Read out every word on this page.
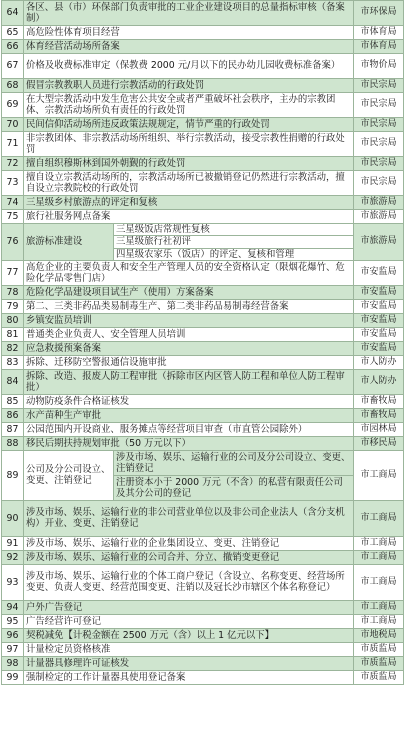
64	各区、县（市）环保部门负责审批的工业企业建设项目的总量指标审核（备案制）		市环保局
65	高危险性体育项目经营		市体育局
66	体育经营活动场所备案		市体育局
67	价格及收费标准审定（保教费 2000 元/月以下的民办幼儿园收费标准备案）		市物价局
68	假冒宗教教职人员进行宗教活动的行政处罚		市民宗局
69	在大型宗教活动中发生危害公共安全或者严重破坏社会秩序，主办的宗教团体、宗教活动场所负有责任的行政处罚		市民宗局
70	民间信仰活动场所违反政策法规规定，情节严重的行政处罚		市民宗局
71	非宗教团体、非宗教活动场所组织、举行宗教活动，接受宗教性捐赠的行政处罚		市民宗局
72	擅自组织穆斯林到国外朝觐的行政处罚		市民宗局
73	擅自设立宗教活动场所的，宗教活动场所已被撤销登记仍然进行宗教活动，擅自设立宗教院校的行政处罚		市民宗局
74	三星级乡村旅游点的评定和复核		市旅游局
75	旅行社服务网点备案		市旅游局
76	旅游标准建设	三星级饭店常规性复核	市旅游局
		三星级旅行社初评	
		四星级农家乐（饭店）的评定、复核和管理	
77	高危企业的主要负责人和安全生产管理人员的安全资格认定（限烟花爆竹、危险化学品零售门店）		市安监局
78	危险化学品建设项目试生产（使用）方案备案		市安监局
79	第二、三类非药品类易制毒生产、第二类非药品易制毒经营备案		市安监局
80	乡镇安监员培训		市安监局
81	普通类企业负责人、安全管理人员培训		市安监局
82	应急救援预案备案		市安监局
83	拆除、迁移防空警报通信设施审批		市人防办
84	拆除、改造、报废人防工程审批（拆除市区内区管人防工程和单位人防工程审批）		市人防办
85	动物防疫条件合格证核发		市畜牧局
86	水产苗种生产审批		市畜牧局
87	公园范围内开设商业、服务摊点等经营项目审查（市直管公园除外）		市园林局
88	移民后期扶持规划审批（50 万元以下）		市移民局
89	公司及分公司设立、变更、注销登记	涉及市场、娱乐、运输行业的公司及分公司设立、变更、注销登记	市工商局
		注册资本小于 2000 万元（不含）的私营有限责任公司及其分公司的登记	
90	涉及市场、娱乐、运输行业的非公司营业单位以及非公司企业法人（含分支机构）开业、变更、注销登记		市工商局
91	涉及市场、娱乐、运输行业的企业集团设立、变更、注销登记		市工商局
92	涉及市场、娱乐、运输行业的公司合并、分立、撤销变更登记		市工商局
93	涉及市场、娱乐、运输行业的个体工商户登记（含设立、名称变更、经营场所变更、负责人变更、经营范围变更、注销以及冠长沙市辖区个体名称登记）		市工商局
94	户外广告登记		市工商局
95	广告经营许可登记		市工商局
96	契税减免【计税金额在 2500 万元（含）以上 1 亿元以下】		市地税局
97	计量检定员资格核准		市质监局
98	计量器具修理许可证核发		市质监局
99	强制检定的工作计量器具使用登记备案		市质监局
